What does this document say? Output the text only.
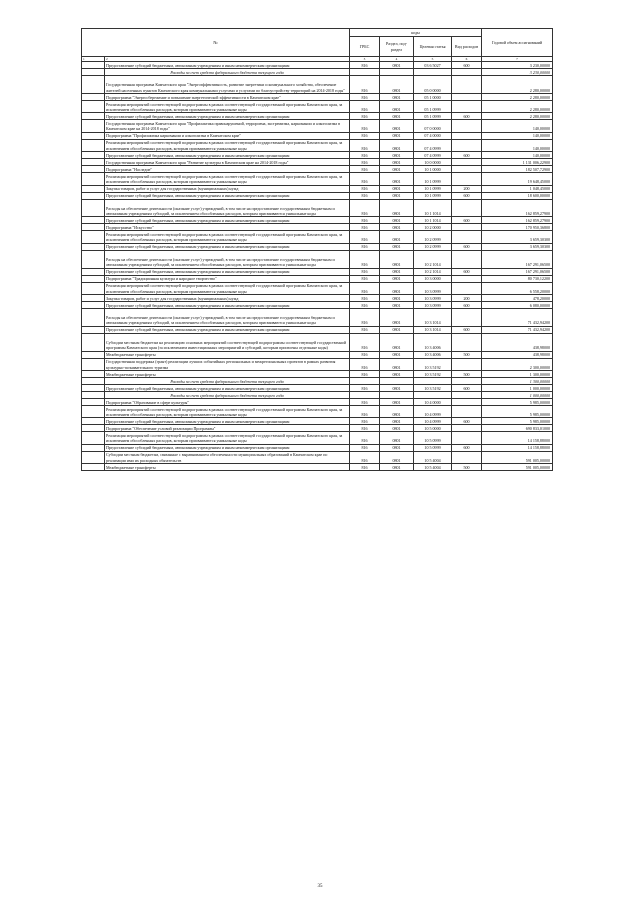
№		коды				Годовой объем ассигнований
		ГРБС	Раздел, под-раздел	Целевая статья	Вид расходов	
1	2	3	4	5	6	7
	Предоставление субсидий бюджетным, автономным учреждениям и иным некоммерческим организациям	816	0801	03 6 5027	600	3 230,00000
	Расходы за счет средств федерального бюджета текущего года					3 230,00000
	Государственная программа Камчатского края "Энергоэффективность, развитие энергетики и коммунального хозяйства, обеспечение жителей населенных пунктов Камчатского края коммунальными услугами и услугами по благоустройству территорий на 2014-2018 годы"	816	0801	05 0 0000		2 280,00000
	Подпрограмма "Энергосбережение и повышение энергетической эффективности в Камчатском крае"	816	0801	05 1 0000		2 280,00000
	Реализация мероприятий соответствующей подпрограммы в рамках соответствующей государственной программы Камчатского края, за исключением обособленных расходов, которым присваиваются уникальные коды	816	0801	05 1 0999		2 280,00000
	Предоставление субсидий бюджетным, автономным учреждениям и иным некоммерческим организациям	816	0801	05 1 0999	600	2 280,00000
	Государственная программа Камчатского края "Профилактика правонарушений, терроризма, экстремизма, наркомании и алкоголизма в Камчатском крае на 2014-2018 годы"	816	0801	07 0 0000		140,00000
	Подпрограмма "Профилактика наркомании и алкоголизма в Камчатском крае"	816	0801	07 4 0000		140,00000
	Реализация мероприятий соответствующей подпрограммы в рамках соответствующей государственной программы Камчатского края, за исключением обособленных расходов, которым присваиваются уникальные коды	816	0801	07 4 0999		140,00000
	Предоставление субсидий бюджетным, автономным учреждениям и иным некоммерческим организациям	816	0801	07 4 0999	600	140,00000
	Государственная программа Камчатского края "Развитие культуры в Камчатском крае на 2014-2018 годы"	816	0801	10 0 0000		1 131 006,22900
	Подпрограмма "Наследие"	816	0801	10 1 0000		182 507,72900
	Реализация мероприятий соответствующей подпрограммы в рамках соответствующей государственной программы Камчатского края, за исключением обособленных расходов, которым присваиваются уникальные коды	816	0801	10 1 0999		19 648,45000
	Закупка товаров, работ и услуг для государственных (муниципальных) нужд	816	0801	10 1 0999	200	1 048,45000
	Предоставление субсидий бюджетным, автономным учреждениям и иным некоммерческим организациям	816	0801	10 1 0999	600	18 600,00000
	Расходы на обеспечение деятельности (оказание услуг) учреждений, в том числе на предоставление государственным бюджетным и автономным учреждениям субсидий, за исключением обособленных расходов, которым присваиваются уникальные коды	816	0801	10 1 1014		162 859,27900
	Предоставление субсидий бюджетным, автономным учреждениям и иным некоммерческим организациям	816	0801	10 1 1014	600	162 859,27900
	Подпрограмма "Искусство"	816	0801	10 2 0000		170 950,36800
	Реализация мероприятий соответствующей подпрограммы в рамках соответствующей государственной программы Камчатского края, за исключением обособленных расходов, которым присваиваются уникальные коды	816	0801	10 2 0999		3 659,30300
	Предоставление субсидий бюджетным, автономным учреждениям и иным некоммерческим организациям	816	0801	10 2 0999	600	3 659,30300
	Расходы на обеспечение деятельности (оказание услуг) учреждений, в том числе на предоставление государственным бюджетным и автономным учреждениям субсидий, за исключением обособленных расходов, которым присваиваются уникальные коды	816	0801	10 2 1014		167 291,06500
	Предоставление субсидий бюджетным, автономным учреждениям и иным некоммерческим организациям	816	0801	10 2 1014	600	167 291,06500
	Подпрограмма "Традиционная культура и народное творчество"	816	0801	10 3 0000		80 730,12200
	Реализация мероприятий соответствующей подпрограммы в рамках соответствующей государственной программы Камчатского края, за исключением обособленных расходов, которым присваиваются уникальные коды	816	0801	10 3 0999		6 558,20000
	Закупка товаров, работ и услуг для государственных (муниципальных) нужд	816	0801	10 3 0999	200	478,20000
	Предоставление субсидий бюджетным, автономным учреждениям и иным некоммерческим организациям	816	0801	10 3 0999	600	6 080,00000
	Расходы на обеспечение деятельности (оказание услуг) учреждений, в том числе на предоставление государственным бюджетным и автономным учреждениям субсидий, за исключением обособленных расходов, которым присваиваются уникальные коды	816	0801	10 3 1014		71 432,94200
	Предоставление субсидий бюджетным, автономным учреждениям и иным некоммерческим организациям	816	0801	10 3 1014	600	71 432,94200
	Субсидии местным бюджетам на реализацию основных мероприятий соответствующей подпрограммы соответствующей государственной программы Камчатского края (за исключением инвестиционных мероприятий и субсидий, которым присвоены отдельные коды)	816	0801	10 3 4006		438,98000
	Межбюджетные трансферты	816	0801	10 3 4006	500	438,98000
	Государственная поддержка (грант) реализации лучших событийных региональных и межрегиональных проектов в рамках развития культурно-познавательного туризма	816	0801	10 3 5192		2 300,00000
	Межбюджетные трансферты	816	0801	10 3 5192	500	1 300,00000
	Расходы за счет средств федерального бюджета текущего года					1 300,00000
	Предоставление субсидий бюджетным, автономным учреждениям и иным некоммерческим организациям	816	0801	10 3 5192	600	1 000,00000
	Расходы за счет средств федерального бюджета текущего года					1 000,00000
	Подпрограмма "Образование в сфере культуры"	816	0801	10 4 0000		5 985,00000
	Реализация мероприятий соответствующей подпрограммы в рамках соответствующей государственной программы Камчатского края, за исключением обособленных расходов, которым присваиваются уникальные коды	816	0801	10 4 0999		5 985,00000
	Предоставление субсидий бюджетным, автономным учреждениям и иным некоммерческим организациям	816	0801	10 4 0999	600	5 985,00000
	Подпрограмма "Обеспечение условий реализации Программы"	816	0801	10 5 0000		690 833,01000
	Реализация мероприятий соответствующей подпрограммы в рамках соответствующей государственной программы Камчатского края, за исключением обособленных расходов, которым присваиваются уникальные коды	816	0801	10 5 0999		14 158,88000
	Предоставление субсидий бюджетным, автономным учреждениям и иным некоммерческим организациям	816	0801	10 5 0999	600	14 158,88000
	Субсидии местным бюджетам, связанные с выравниванием обеспеченности муниципальных образований в Камчатском крае по реализации ими их расходных обязательств	816	0801	10 5 4004		591 005,00000
	Межбюджетные трансферты	816	0801	10 5 4004	500	591 005,00000
35
